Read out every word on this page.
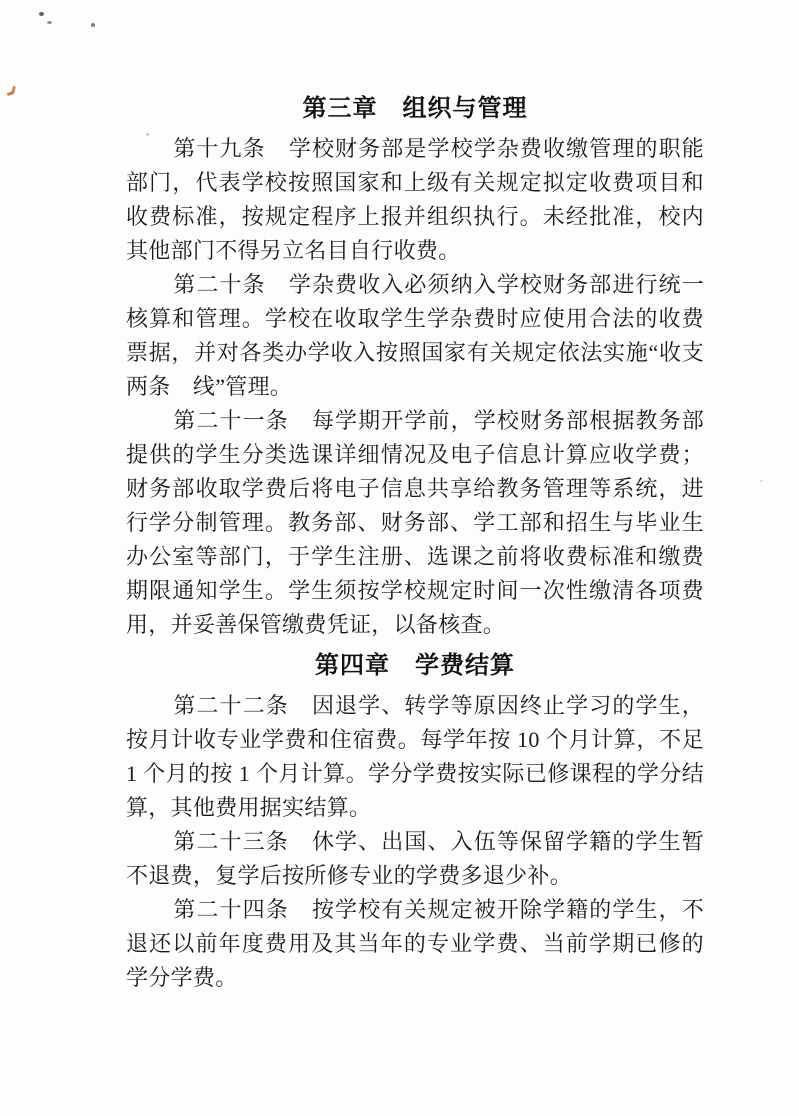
第三章　组织与管理

第十九条　学校财务部是学校学杂费收缴管理的职能部门，代表学校按照国家和上级有关规定拟定收费项目和收费标准，按规定程序上报并组织执行。未经批准，校内其他部门不得另立名目自行收费。

第二十条　学杂费收入必须纳入学校财务部进行统一核算和管理。学校在收取学生学杂费时应使用合法的收费票据，并对各类办学收入按照国家有关规定依法实施“收支两条　线”管理。

第二十一条　每学期开学前，学校财务部根据教务部提供的学生分类选课详细情况及电子信息计算应收学费；财务部收取学费后将电子信息共享给教务管理等系统，进行学分制管理。教务部、财务部、学工部和招生与毕业生办公室等部门，于学生注册、选课之前将收费标准和缴费期限通知学生。学生须按学校规定时间一次性缴清各项费用，并妥善保管缴费凭证，以备核查。

第四章　学费结算

第二十二条　因退学、转学等原因终止学习的学生，按月计收专业学费和住宿费。每学年按 10 个月计算，不足 1 个月的按 1 个月计算。学分学费按实际已修课程的学分结算，其他费用据实结算。

第二十三条　休学、出国、入伍等保留学籍的学生暂不退费，复学后按所修专业的学费多退少补。

第二十四条　按学校有关规定被开除学籍的学生，不退还以前年度费用及其当年的专业学费、当前学期已修的学分学费。
